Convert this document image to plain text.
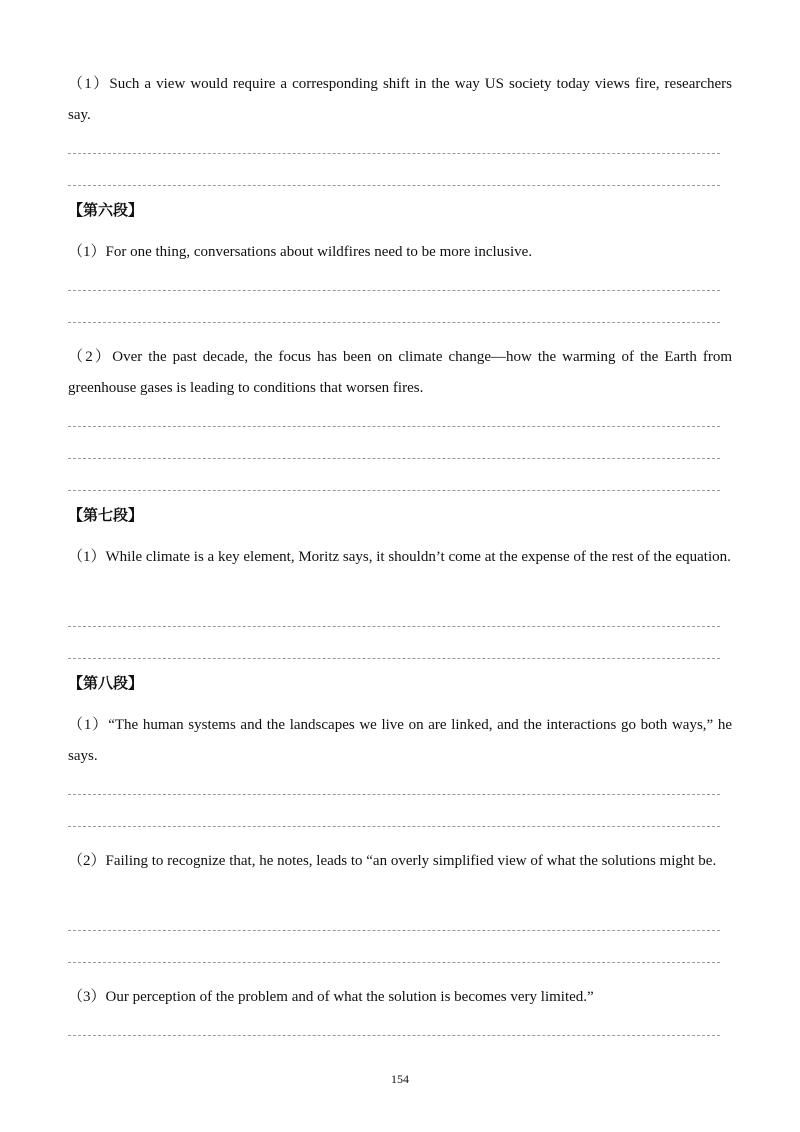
（1）Such a view would require a corresponding shift in the way US society today views fire, researchers say.
【第六段】
（1）For one thing, conversations about wildfires need to be more inclusive.
（2）Over the past decade, the focus has been on climate change—how the warming of the Earth from greenhouse gases is leading to conditions that worsen fires.
【第七段】
（1）While climate is a key element, Moritz says, it shouldn’t come at the expense of the rest of the equation.
【第八段】
（1）“The human systems and the landscapes we live on are linked, and the interactions go both ways,” he says.
（2）Failing to recognize that, he notes, leads to “an overly simplified view of what the solutions might be.
（3）Our perception of the problem and of what the solution is becomes very limited.”
154
